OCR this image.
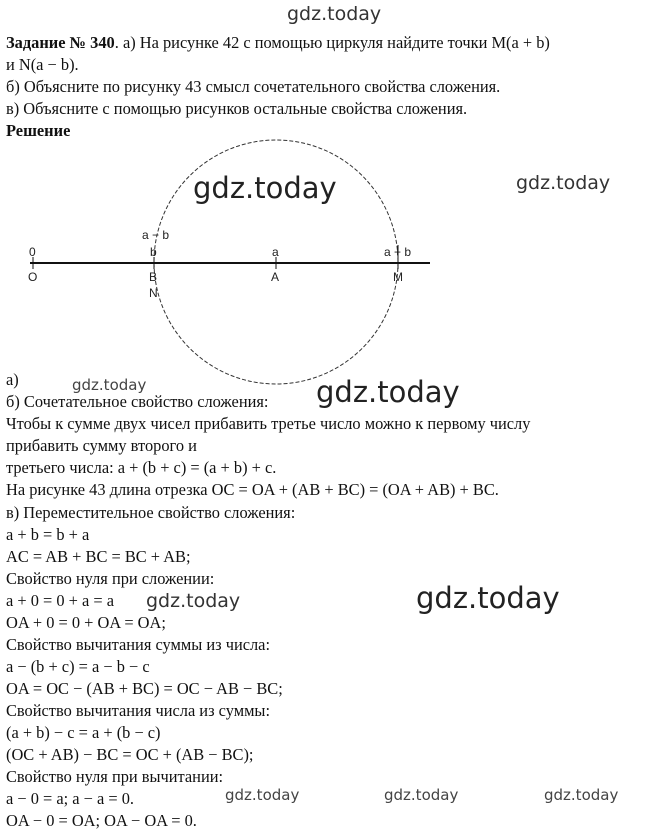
gdz.today

Задание № 340. а) На рисунке 42 с помощью циркуля найдите точки M(a + b)

и N(a − b).

б) Объясните по рисунку 43 смысл сочетательного свойства сложения.

в) Объясните с помощью рисунков остальные свойства сложения.

Решение

0
O
a − b
b
B
N
a
A
a + b
M
gdz.today	gdz.today

а)	gdz.today	gdz.today

б) Сочетательное свойство сложения:

Чтобы к сумме двух чисел прибавить третье число можно к первому числу

прибавить сумму второго и

третьего числа: a + (b + c) = (a + b) + c.

На рисунке 43 длина отрезка OC = OA + (AB + BC) = (OA + AB) + BC.

в) Переместительное свойство сложения:

a + b = b + a

AC = AB + BC = BC + AB;

Свойство нуля при сложении:

a + 0 = 0 + a = a gdz.today	gdz.today

OA + 0 = 0 + OA = OA;

Свойство вычитания суммы из числа:

a − (b + c) = a − b − c

OA = OC − (AB + BC) = OC − AB − BC;

Свойство вычитания числа из суммы:

(a + b) − c = a + (b − c)

(OC + AB) − BC = OC + (AB − BC);

Свойство нуля при вычитании:

a − 0 = a; a − a = 0.	gdz.today	gdz.today	gdz.today

OA − 0 = OA; OA − OA = 0.
